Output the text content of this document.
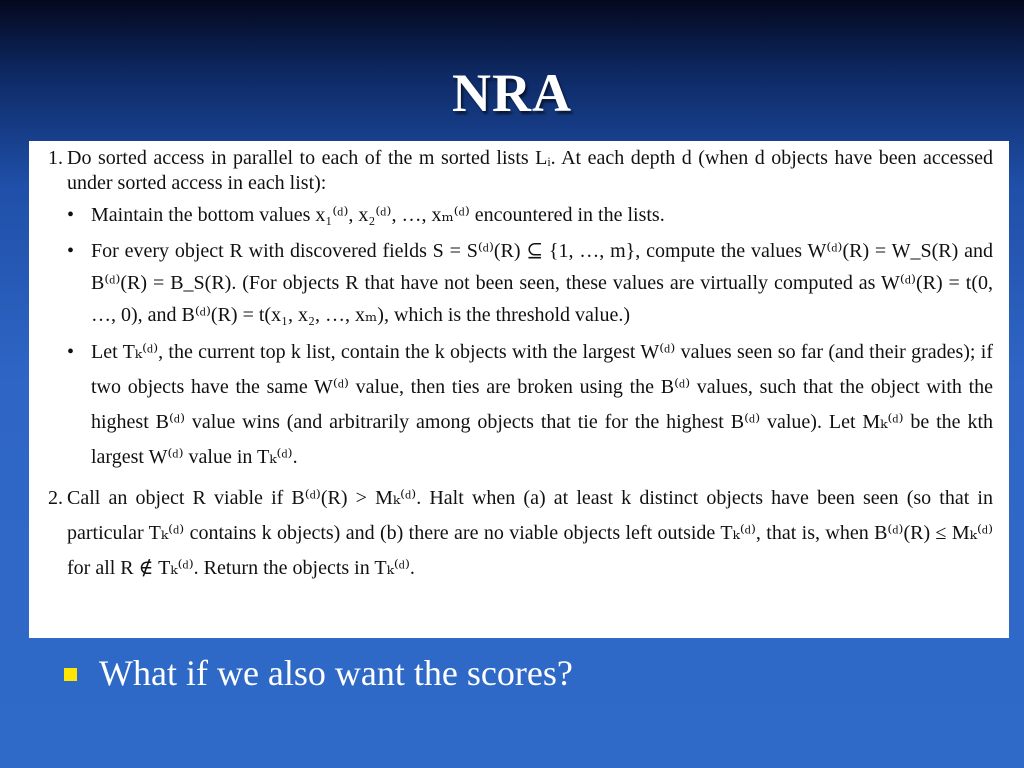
NRA
1. Do sorted access in parallel to each of the m sorted lists Lᵢ. At each depth d (when d objects have been accessed under sorted access in each list):
• Maintain the bottom values x₁⁽ᵈ⁾, x₂⁽ᵈ⁾, …, xₘ⁽ᵈ⁾ encountered in the lists.
• For every object R with discovered fields S = S⁽ᵈ⁾(R) ⊆ {1, …, m}, compute the values W⁽ᵈ⁾(R) = W_S(R) and B⁽ᵈ⁾(R) = B_S(R). (For objects R that have not been seen, these values are virtually computed as W⁽ᵈ⁾(R) = t(0, …, 0), and B⁽ᵈ⁾(R) = t(x₁, x₂, …, xₘ), which is the threshold value.)
• Let Tₖ⁽ᵈ⁾, the current top k list, contain the k objects with the largest W⁽ᵈ⁾ values seen so far (and their grades); if two objects have the same W⁽ᵈ⁾ value, then ties are broken using the B⁽ᵈ⁾ values, such that the object with the highest B⁽ᵈ⁾ value wins (and arbitrarily among objects that tie for the highest B⁽ᵈ⁾ value). Let Mₖ⁽ᵈ⁾ be the kth largest W⁽ᵈ⁾ value in Tₖ⁽ᵈ⁾.
2. Call an object R viable if B⁽ᵈ⁾(R) > Mₖ⁽ᵈ⁾. Halt when (a) at least k distinct objects have been seen (so that in particular Tₖ⁽ᵈ⁾ contains k objects) and (b) there are no viable objects left outside Tₖ⁽ᵈ⁾, that is, when B⁽ᵈ⁾(R) ≤ Mₖ⁽ᵈ⁾ for all R ∉ Tₖ⁽ᵈ⁾. Return the objects in Tₖ⁽ᵈ⁾.
What if we also want the scores?
